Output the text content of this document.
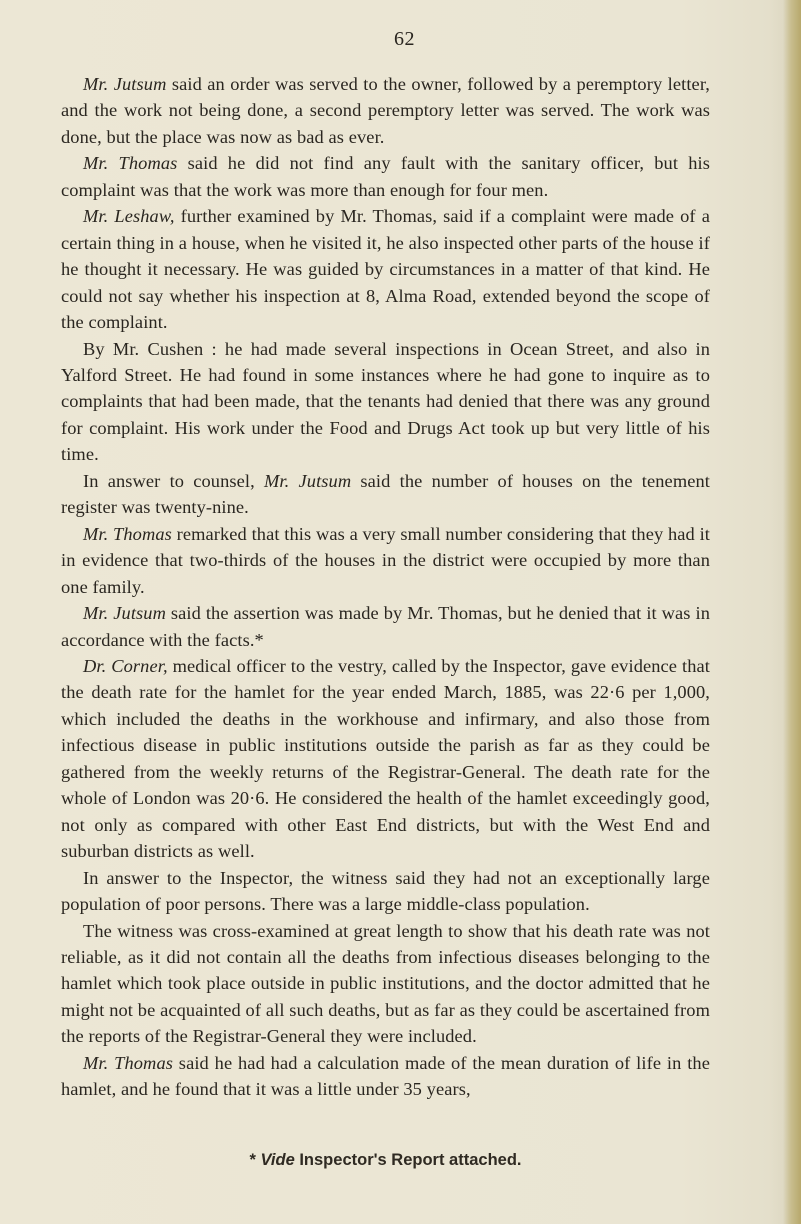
62

Mr. Jutsum said an order was served to the owner, followed by a peremptory letter, and the work not being done, a second peremptory letter was served. The work was done, but the place was now as bad as ever.

Mr. Thomas said he did not find any fault with the sanitary officer, but his complaint was that the work was more than enough for four men.

Mr. Leshaw, further examined by Mr. Thomas, said if a complaint were made of a certain thing in a house, when he visited it, he also inspected other parts of the house if he thought it necessary. He was guided by circumstances in a matter of that kind. He could not say whether his inspection at 8, Alma Road, extended beyond the scope of the complaint.

By Mr. Cushen : he had made several inspections in Ocean Street, and also in Yalford Street. He had found in some instances where he had gone to inquire as to complaints that had been made, that the tenants had denied that there was any ground for complaint. His work under the Food and Drugs Act took up but very little of his time.

In answer to counsel, Mr. Jutsum said the number of houses on the tenement register was twenty-nine.

Mr. Thomas remarked that this was a very small number considering that they had it in evidence that two-thirds of the houses in the district were occupied by more than one family.

Mr. Jutsum said the assertion was made by Mr. Thomas, but he denied that it was in accordance with the facts.*

Dr. Corner, medical officer to the vestry, called by the Inspector, gave evidence that the death rate for the hamlet for the year ended March, 1885, was 22·6 per 1,000, which included the deaths in the workhouse and infirmary, and also those from infectious disease in public institutions outside the parish as far as they could be gathered from the weekly returns of the Registrar-General. The death rate for the whole of London was 20·6. He considered the health of the hamlet exceedingly good, not only as compared with other East End districts, but with the West End and suburban districts as well.

In answer to the Inspector, the witness said they had not an exceptionally large population of poor persons. There was a large middle-class population.

The witness was cross-examined at great length to show that his death rate was not reliable, as it did not contain all the deaths from infectious diseases belonging to the hamlet which took place outside in public institutions, and the doctor admitted that he might not be acquainted of all such deaths, but as far as they could be ascertained from the reports of the Registrar-General they were included.

Mr. Thomas said he had had a calculation made of the mean duration of life in the hamlet, and he found that it was a little under 35 years,

* Vide Inspector's Report attached.
